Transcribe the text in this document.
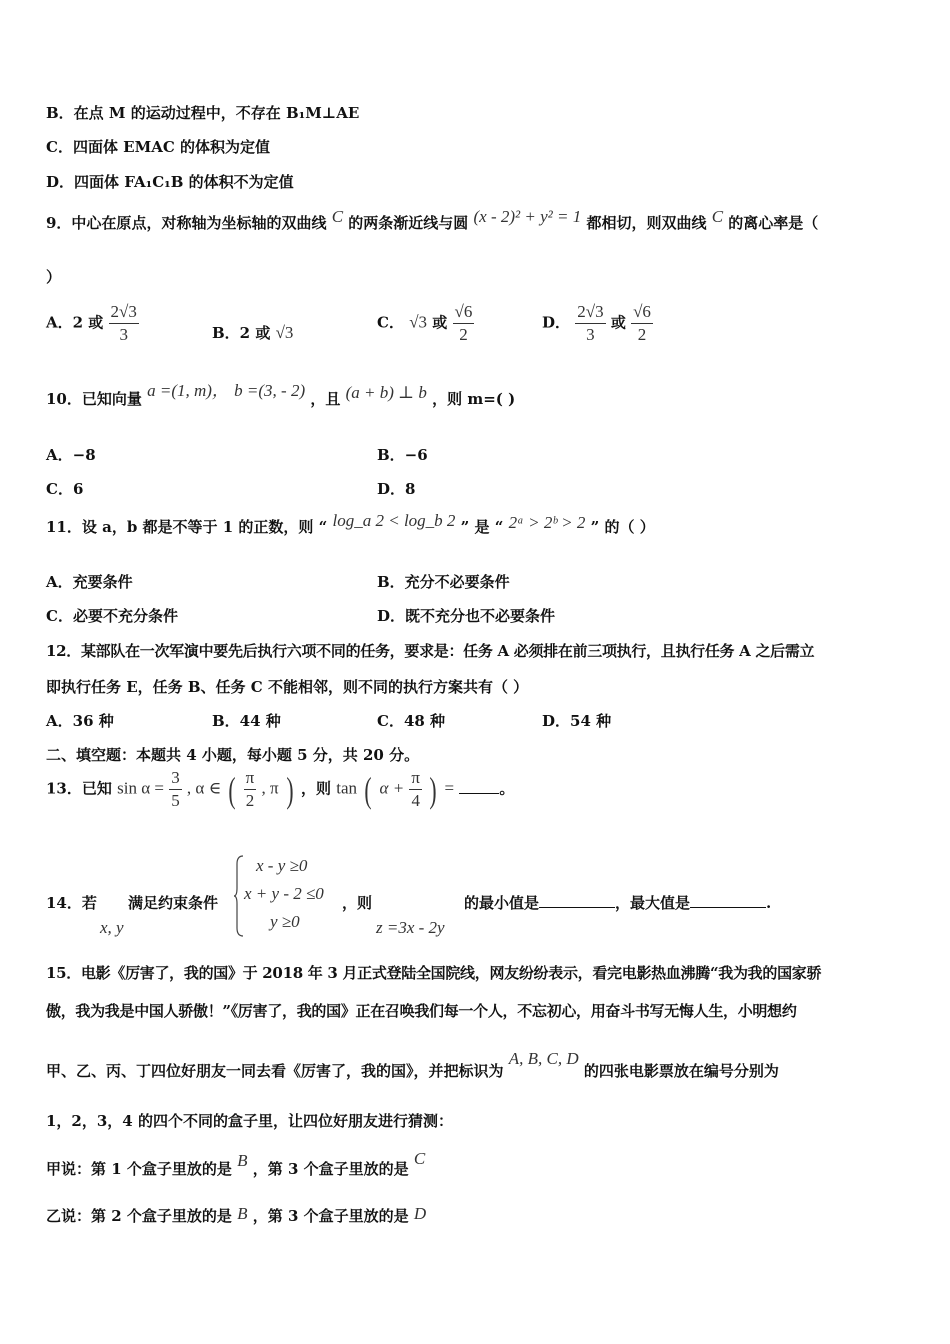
B．在点 M 的运动过程中，不存在 B₁M⊥AE
C．四面体 EMAC 的体积为定值
D．四面体 FA₁C₁B 的体积不为定值
9．中心在原点，对称轴为坐标轴的双曲线 C 的两条渐近线与圆 (x - 2)² + y² = 1 都相切，则双曲线 C 的离心率是（
）
A．2 或 $\frac{2√3}{3}$	B．2 或 √3
C． √3 或 $\frac{√6}{2}$	D． $\frac{2√3}{3}$ 或 $\frac{√6}{2}$
10．已知向量 a =(1, m)， b =(3, - 2) ，且 (a + b) ⊥ b ，则 m=( )
A．−8	B．−6
C．6	D．8
11．设 a，b 都是不等于 1 的正数，则 “ log_a 2 < log_b 2 ” 是 “ 2ᵃ > 2ᵇ > 2 ” 的（ ）
A．充要条件	B．充分不必要条件
C．必要不充分条件	D．既不充分也不必要条件
12．某部队在一次军演中要先后执行六项不同的任务，要求是：任务 A 必须排在前三项执行，且执行任务 A 之后需立
即执行任务 E，任务 B、任务 C 不能相邻，则不同的执行方案共有（ ）
A．36 种	B．44 种	C．48 种	D．54 种
二、填空题：本题共 4 小题，每小题 5 分，共 20 分。
13．已知 $\sin \alpha = \frac{3}{5}$ , α ∈ ( $\frac{\pi}{2}$ , π ) ，则 tan ( $\alpha + \frac{\pi}{4}$ ) =	。
14．若
x, y
满足约束条件
x - y ≥0
x + y - 2 ≤0
y ≥0
，则
z =3x - 2y
的最小值是	，最大值是	.
15．电影《厉害了，我的国》于 2018 年 3 月正式登陆全国院线，网友纷纷表示，看完电影热血沸腾“我为我的国家骄
傲，我为我是中国人骄傲！”《厉害了，我的国》正在召唤我们每一个人，不忘初心，用奋斗书写无悔人生，小明想约
甲、乙、丙、丁四位好朋友一同去看《厉害了，我的国》，并把标识为 A, B, C, D 的四张电影票放在编号分别为
1，2，3，4 的四个不同的盒子里，让四位好朋友进行猜测：
甲说：第 1 个盒子里放的是 B ，第 3 个盒子里放的是 C
乙说：第 2 个盒子里放的是 B ，第 3 个盒子里放的是 D
